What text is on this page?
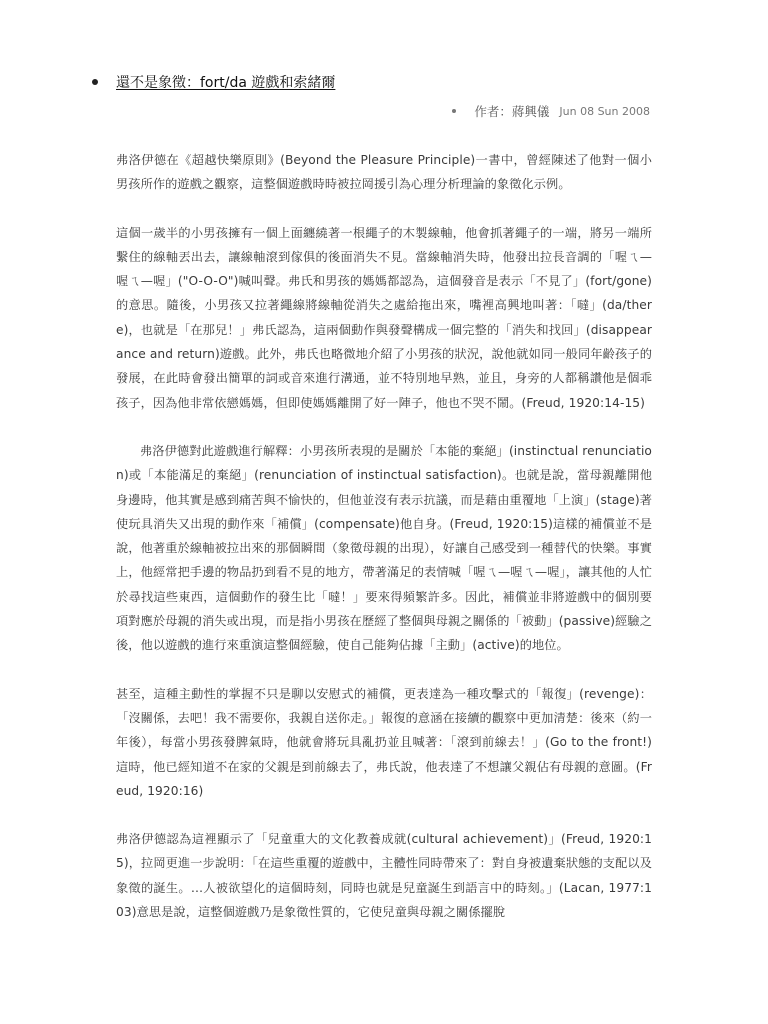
還不是象徵：fort/da 遊戲和索緒爾
作者：蔣興儀 Jun 08 Sun 2008

弗洛伊德在《超越快樂原則》(Beyond the Pleasure Principle)一書中，曾經陳述了他對一個小男孩所作的遊戲之觀察，這整個遊戲時時被拉岡援引為心理分析理論的象徵化示例。

這個一歲半的小男孩擁有一個上面纏繞著一根繩子的木製線軸，他會抓著繩子的一端，將另一端所繫住的線軸丟出去，讓線軸滾到傢俱的後面消失不見。當線軸消失時，他發出拉長音調的「喔ㄟ—喔ㄟ—喔」("O-O-O")喊叫聲。弗氏和男孩的媽媽都認為，這個發音是表示「不見了」(fort/gone)的意思。隨後，小男孩又拉著繩線將線軸從消失之處給拖出來，嘴裡高興地叫著：「噠」(da/there)，也就是「在那兒！」弗氏認為，這兩個動作與發聲構成一個完整的「消失和找回」(disappearance and return)遊戲。此外，弗氏也略微地介紹了小男孩的狀況，說他就如同一般同年齡孩子的發展，在此時會發出簡單的詞或音來進行溝通，並不特別地早熟，並且，身旁的人都稱讚他是個乖孩子，因為他非常依戀媽媽，但即使媽媽離開了好一陣子，他也不哭不鬧。(Freud, 1920:14-15)

弗洛伊德對此遊戲進行解釋：小男孩所表現的是關於「本能的棄絕」(instinctual renunciation)或「本能滿足的棄絕」(renunciation of instinctual satisfaction)。也就是說，當母親離開他身邊時，他其實是感到痛苦與不愉快的，但他並沒有表示抗議，而是藉由重覆地「上演」(stage)著使玩具消失又出現的動作來「補償」(compensate)他自身。(Freud, 1920:15)這樣的補償並不是說，他著重於線軸被拉出來的那個瞬間（象徵母親的出現），好讓自己感受到一種替代的快樂。事實上，他經常把手邊的物品扔到看不見的地方，帶著滿足的表情喊「喔ㄟ—喔ㄟ—喔」，讓其他的人忙於尋找這些東西，這個動作的發生比「噠！」要來得頻繁許多。因此，補償並非將遊戲中的個別要項對應於母親的消失或出現，而是指小男孩在歷經了整個與母親之關係的「被動」(passive)經驗之後，他以遊戲的進行來重演這整個經驗，使自己能夠佔據「主動」(active)的地位。

甚至，這種主動性的掌握不只是聊以安慰式的補償，更表達為一種攻擊式的「報復」(revenge)：「沒關係，去吧！我不需要你，我親自送你走。」報復的意涵在接續的觀察中更加清楚：後來（約一年後），每當小男孩發脾氣時，他就會將玩具亂扔並且喊著：「滾到前線去！」(Go to the front!) 這時，他已經知道不在家的父親是到前線去了，弗氏說，他表達了不想讓父親佔有母親的意圖。(Freud, 1920:16)

弗洛伊德認為這裡顯示了「兒童重大的文化教養成就(cultural achievement)」(Freud, 1920:15)，拉岡更進一步說明：「在這些重覆的遊戲中，主體性同時帶來了：對自身被遺棄狀態的支配以及象徵的誕生。…人被欲望化的這個時刻，同時也就是兒童誕生到語言中的時刻。」(Lacan, 1977:103)意思是說，這整個遊戲乃是象徵性質的，它使兒童與母親之關係擺脫
